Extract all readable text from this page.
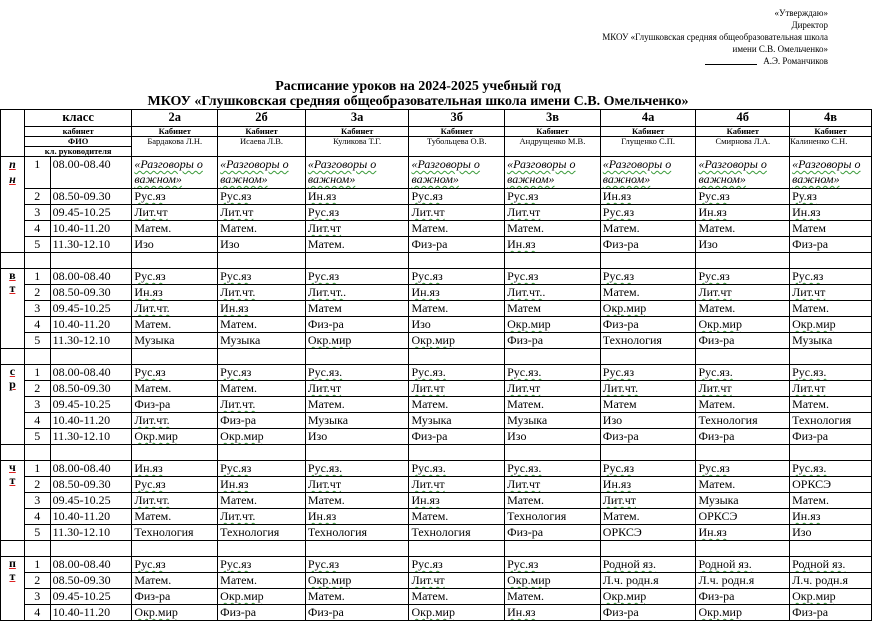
«Утверждаю»
Директор
МКОУ «Глушковская средняя общеобразовательная школа
имени С.В. Омельченко»
А.Э. Романчиков
Расписание уроков на 2024-2025 учебный год
МКОУ «Глушковская средняя общеобразовательная школа имени С.В. Омельченко»
	класс		2а	2б	3а	3б	3в	4а	4б	4в
	кабинет		Кабинет	Кабинет	Кабинет	Кабинет	Кабинет	Кабинет	Кабинет	Кабинет
	ФИО		Бардакова Л.Н.	Исаева Л.В.	Куликова Т.Г.	Тубольцева О.В.	Андрущенко М.В.	Глущенко С.П.	Смирнова Л.А.	Калиненко С.Н.
	кл. руководителя									

п
н	1	08.00-08.40	«Разговоры о важном»	«Разговоры о важном»	«Разговоры о важном»	«Разговоры о важном»	«Разговоры о важном»	«Разговоры о важном»	«Разговоры о важном»	«Разговоры о важном»
	2	08.50-09.30	Рус.яз	Рус.яз	Ин.яз	Рус.яз	Рус.яз	Ин.яз	Рус.яз	Ру.яз
	3	09.45-10.25	Лит.чт	Лит.чт	Рус.яз	Лит.чт	Лит.чт	Рус.яз	Ин.яз	Ин.яз
	4	10.40-11.20	Матем.	Матем.	Лит.чт	Матем.	Матем.	Матем.	Матем.	Матем
	5	11.30-12.10	Изо	Изо	Матем.	Физ-ра	Ин.яз	Физ-ра	Изо	Физ-ра

в
т	1	08.00-08.40	Рус.яз	Рус.яз	Рус.яз	Рус.яз	Рус.яз	Рус.яз	Рус.яз	Рус.яз
	2	08.50-09.30	Ин.яз	Лит.чт.	Лит.чт..	Ин.яз	Лит.чт..	Матем.	Лит.чт	Лит.чт
	3	09.45-10.25	Лит.чт.	Ин.яз	Матем	Матем.	Матем	Окр.мир	Матем.	Матем.
	4	10.40-11.20	Матем.	Матем.	Физ-ра	Изо	Окр.мир	Физ-ра	Окр.мир	Окр.мир
	5	11.30-12.10	Музыка	Музыка	Окр.мир	Окр.мир	Физ-ра	Технология	Физ-ра	Музыка

с
р	1	08.00-08.40	Рус.яз	Рус.яз	Рус.яз.	Рус.яз.	Рус.яз.	Рус.яз	Рус.яз.	Рус.яз.
	2	08.50-09.30	Матем.	Матем.	Лит.чт	Лит.чт	Лит.чт	Лит.чт.	Лит.чт	Лит.чт
	3	09.45-10.25	Физ-ра	Лит.чт.	Матем.	Матем.	Матем.	Матем	Матем.	Матем.
	4	10.40-11.20	Лит.чт.	Физ-ра	Музыка	Музыка	Музыка	Изо	Технология	Технология
	5	11.30-12.10	Окр.мир	Окр.мир	Изо	Физ-ра	Изо	Физ-ра	Физ-ра	Физ-ра

ч
т	1	08.00-08.40	Ин.яз	Рус.яз	Рус.яз.	Рус.яз.	Рус.яз.	Рус.яз	Рус.яз	Рус.яз.
	2	08.50-09.30	Рус.яз	Ин.яз	Лит.чт	Лит.чт	Лит.чт	Ин.яз	Матем.	ОРКСЭ
	3	09.45-10.25	Лит.чт.	Матем.	Матем.	Ин.яз	Матем.	Лит.чт	Музыка	Матем.
	4	10.40-11.20	Матем.	Лит.чт.	Ин.яз	Матем.	Технология	Матем.	ОРКСЭ	Ин.яз
	5	11.30-12.10	Технология	Технология	Технология	Технология	Физ-ра	ОРКСЭ	Ин.яз	Изо

п
т	1	08.00-08.40	Рус.яз	Рус.яз	Рус.яз	Рус.яз	Рус.яз	Родной яз.	Родной яз.	Родной яз.
	2	08.50-09.30	Матем.	Матем.	Окр.мир	Лит.чт	Окр.мир	Л.ч. родн.я	Л.ч. родн.я	Л.ч. родн.я
	3	09.45-10.25	Физ-ра	Окр.мир	Матем.	Матем.	Матем.	Окр.мир	Физ-ра	Окр.мир
	4	10.40-11.20	Окр.мир	Физ-ра	Физ-ра	Окр.мир	Ин.яз	Физ-ра	Окр.мир	Физ-ра
